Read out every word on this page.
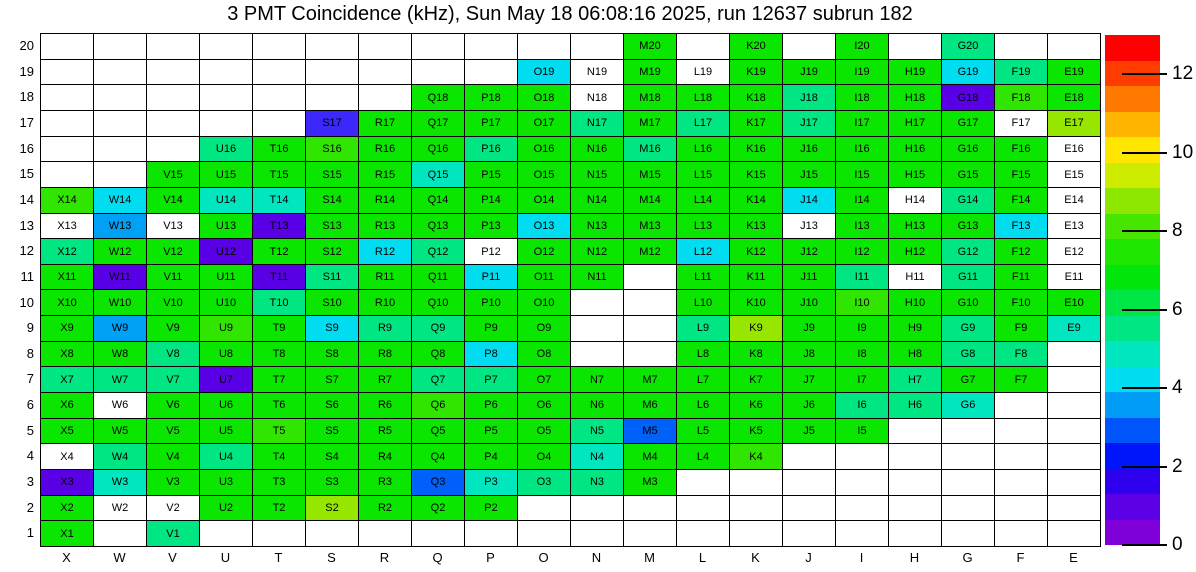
3 PMT Coincidence (kHz), Sun May 18 06:08:16 2025, run 12637 subrun 182
M20	K20	I20	G20
O19	N19	M19	L19	K19	J19	I19	H19	G19	F19	E19
Q18	P18	O18	N18	M18	L18	K18	J18	I18	H18	G18	F18	E18
S17	R17	Q17	P17	O17	N17	M17	L17	K17	J17	I17	H17	G17	F17	E17
U16	T16	S16	R16	Q16	P16	O16	N16	M16	L16	K16	J16	I16	H16	G16	F16	E16
V15	U15	T15	S15	R15	Q15	P15	O15	N15	M15	L15	K15	J15	I15	H15	G15	F15	E15
X14	W14	V14	U14	T14	S14	R14	Q14	P14	O14	N14	M14	L14	K14	J14	I14	H14	G14	F14	E14
X13	W13	V13	U13	T13	S13	R13	Q13	P13	O13	N13	M13	L13	K13	J13	I13	H13	G13	F13	E13
X12	W12	V12	U12	T12	S12	R12	Q12	P12	O12	N12	M12	L12	K12	J12	I12	H12	G12	F12	E12
X11	W11	V11	U11	T11	S11	R11	Q11	P11	O11	N11	L11	K11	J11	I11	H11	G11	F11	E11
X10	W10	V10	U10	T10	S10	R10	Q10	P10	O10	L10	K10	J10	I10	H10	G10	F10	E10
X9	W9	V9	U9	T9	S9	R9	Q9	P9	O9	L9	K9	J9	I9	H9	G9	F9	E9
X8	W8	V8	U8	T8	S8	R8	Q8	P8	O8	L8	K8	J8	I8	H8	G8	F8
X7	W7	V7	U7	T7	S7	R7	Q7	P7	O7	N7	M7	L7	K7	J7	I7	H7	G7	F7
X6	W6	V6	U6	T6	S6	R6	Q6	P6	O6	N6	M6	L6	K6	J6	I6	H6	G6
X5	W5	V5	U5	T5	S5	R5	Q5	P5	O5	N5	M5	L5	K5	J5	I5
X4	W4	V4	U4	T4	S4	R4	Q4	P4	O4	N4	M4	L4	K4
X3	W3	V3	U3	T3	S3	R3	Q3	P3	O3	N3	M3
X2	W2	V2	U2	T2	S2	R2	Q2	P2
X1	V1
20
19
18
17
16
15
14
13
12
11
10
9
8
7
6
5
4
3
2
1
X	W	V	U	T	S	R	Q	P	O	N	M	L	K	J	I	H	G	F	E
0
2
4
6
8
10
12
